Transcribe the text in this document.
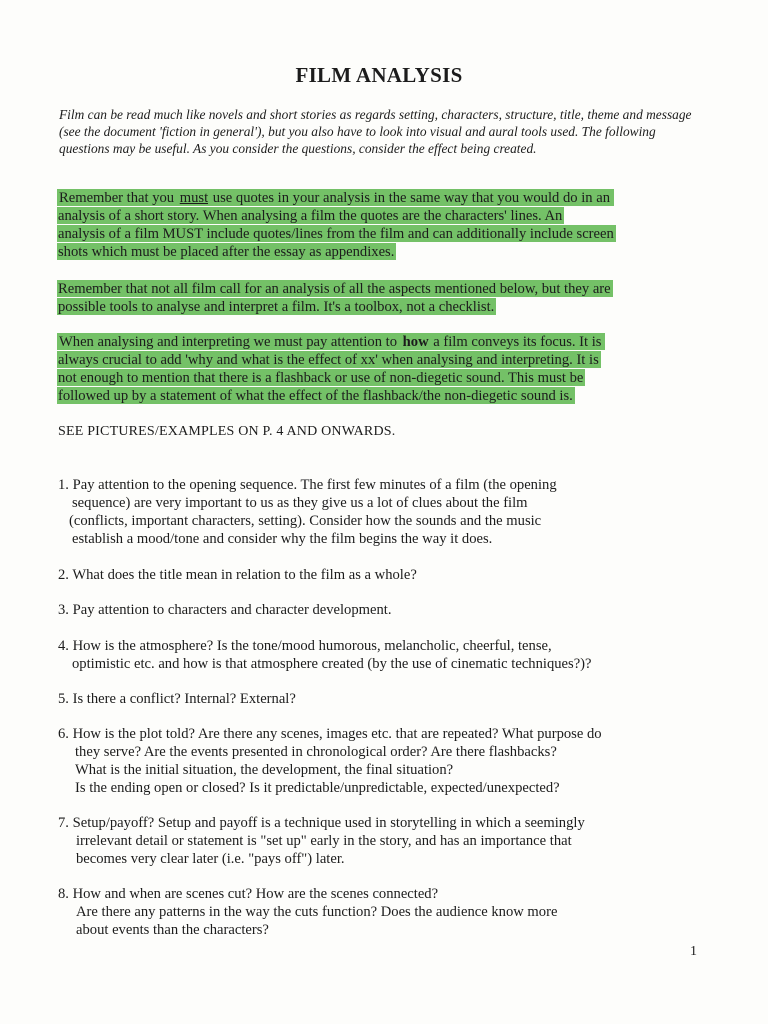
FILM ANALYSIS
Film can be read much like novels and short stories as regards setting, characters, structure, title, theme and message (see the document 'fiction in general'), but you also have to look into visual and aural tools used. The following questions may be useful. As you consider the questions, consider the effect being created.
Remember that you must use quotes in your analysis in the same way that you would do in an
analysis of a short story. When analysing a film the quotes are the characters' lines. An
analysis of a film MUST include quotes/lines from the film and can additionally include screen
shots which must be placed after the essay as appendixes.
Remember that not all film call for an analysis of all the aspects mentioned below, but they are
possible tools to analyse and interpret a film. It's a toolbox, not a checklist.
When analysing and interpreting we must pay attention to how a film conveys its focus. It is
always crucial to add 'why and what is the effect of xx' when analysing and interpreting. It is
not enough to mention that there is a flashback or use of non-diegetic sound. This must be
followed up by a statement of what the effect of the flashback/the non-diegetic sound is.
SEE PICTURES/EXAMPLES ON P. 4 AND ONWARDS.
1. Pay attention to the opening sequence. The first few minutes of a film (the opening
sequence) are very important to us as they give us a lot of clues about the film
(conflicts, important characters, setting). Consider how the sounds and the music
establish a mood/tone and consider why the film begins the way it does.
2. What does the title mean in relation to the film as a whole?
3. Pay attention to characters and character development.
4. How is the atmosphere? Is the tone/mood humorous, melancholic, cheerful, tense,
optimistic etc. and how is that atmosphere created (by the use of cinematic techniques?)?
5. Is there a conflict? Internal? External?
6. How is the plot told? Are there any scenes, images etc. that are repeated? What purpose do
they serve? Are the events presented in chronological order? Are there flashbacks?
What is the initial situation, the development, the final situation?
Is the ending open or closed? Is it predictable/unpredictable, expected/unexpected?
7. Setup/payoff? Setup and payoff is a technique used in storytelling in which a seemingly
irrelevant detail or statement is "set up" early in the story, and has an importance that
becomes very clear later (i.e. "pays off") later.
8. How and when are scenes cut? How are the scenes connected?
Are there any patterns in the way the cuts function? Does the audience know more
about events than the characters?
1
